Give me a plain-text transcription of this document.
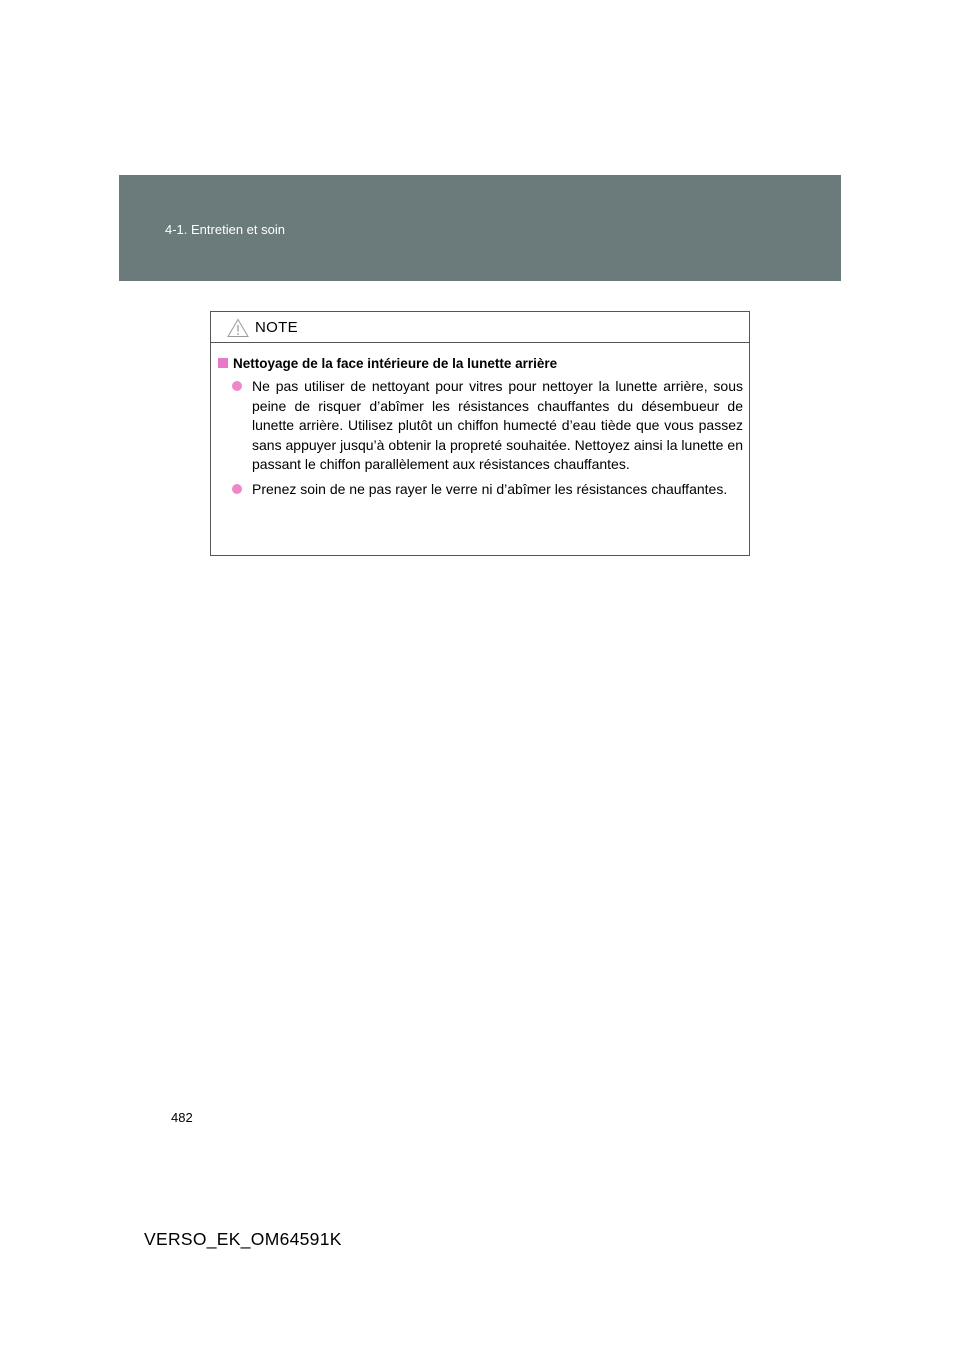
4-1. Entretien et soin
NOTE
Nettoyage de la face intérieure de la lunette arrière
Ne pas utiliser de nettoyant pour vitres pour nettoyer la lunette arrière, sous peine de risquer d’abîmer les résistances chauffantes du désembueur de lunette arrière. Utilisez plutôt un chiffon humecté d’eau tiède que vous passez sans appuyer jusqu’à obtenir la propreté souhaitée. Nettoyez ainsi la lunette en passant le chiffon parallèlement aux résistances chauffantes.
Prenez soin de ne pas rayer le verre ni d’abîmer les résistances chauffantes.
482
VERSO_EK_OM64591K
